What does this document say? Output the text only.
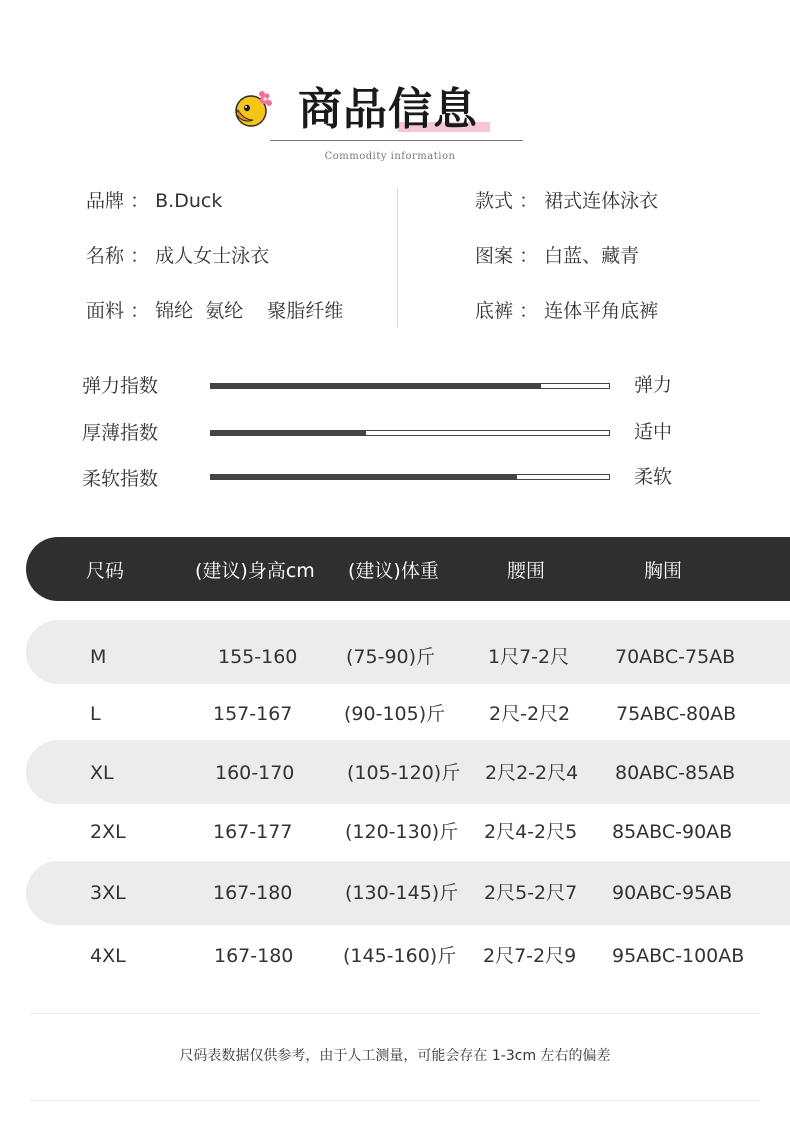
商品信息
Commodity information
品牌 ： B.Duck
名称 ： 成人女士泳衣
面料 ： 锦纶  氨纶    聚脂纤维
款式 ： 裙式连体泳衣
图案 ： 白蓝、藏青
底裤 ： 连体平角底裤
弹力指数	弹力
厚薄指数	适中
柔软指数	柔软
尺码	(建议)身高cm (建议)体重	腰围	胸围
M	155-160	(75-90)斤	1尺7-2尺 70ABC-75AB
L	157-167	(90-105)斤 2尺-2尺2 75ABC-80AB
XL	160-170	(105-120)斤 2尺2-2尺4 80ABC-85AB
2XL	167-177	(120-130)斤 2尺4-2尺5 85ABC-90AB
3XL	167-180	(130-145)斤 2尺5-2尺7 90ABC-95AB
4XL	167-180	(145-160)斤 2尺7-2尺9 95ABC-100AB
尺码表数据仅供参考，由于人工测量，可能会存在 1-3cm 左右的偏差
